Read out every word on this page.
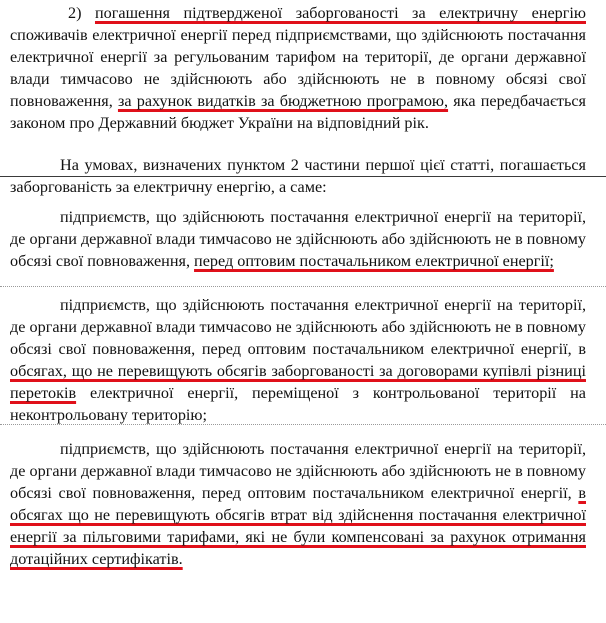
2) погашення підтвердженої заборгованості за електричну енергію споживачів електричної енергії перед підприємствами, що здійснюють постачання електричної енергії за регульованим тарифом на території, де органи державної влади тимчасово не здійснюють або здійснюють не в повному обсязі свої повноваження, за рахунок видатків за бюджетною програмою, яка передбачається законом про Державний бюджет України на відповідний рік.

На умовах, визначених пунктом 2 частини першої цієї статті, погашається заборгованість за електричну енергію, а саме:

підприємств, що здійснюють постачання електричної енергії на території, де органи державної влади тимчасово не здійснюють або здійснюють не в повному обсязі свої повноваження, перед оптовим постачальником електричної енергії;

підприємств, що здійснюють постачання електричної енергії на території, де органи державної влади тимчасово не здійснюють або здійснюють не в повному обсязі свої повноваження, перед оптовим постачальником електричної енергії, в обсягах, що не перевищують обсягів заборгованості за договорами купівлі різниці перетоків електричної енергії, переміщеної з контрольованої території на неконтрольовану територію;

підприємств, що здійснюють постачання електричної енергії на території, де органи державної влади тимчасово не здійснюють або здійснюють не в повному обсязі свої повноваження, перед оптовим постачальником електричної енергії, в обсягах що не перевищують обсягів втрат від здійснення постачання електричної енергії за пільговими тарифами, які не були компенсовані за рахунок отримання дотаційних сертифікатів.
